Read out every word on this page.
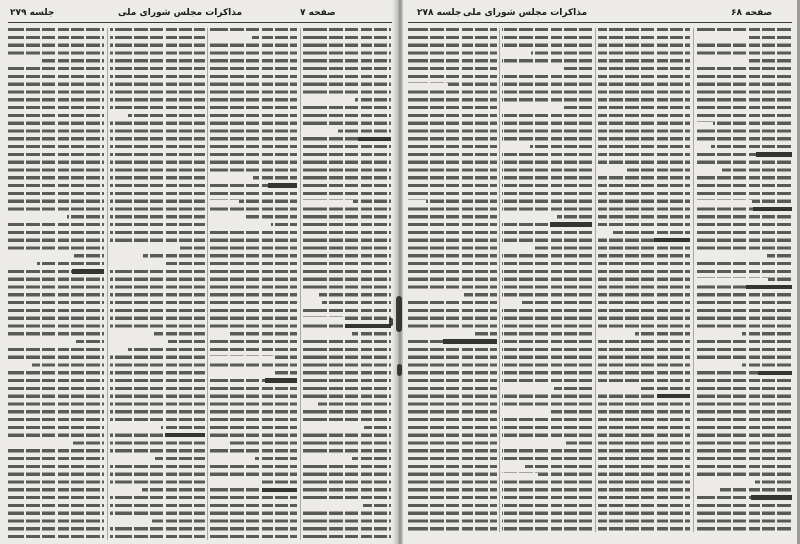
جلسه ۲۷۹	مذاکرات مجلس شورای ملی	صفحه ۷	جلسه ۲۷۸ مذاکرات مجلس شورای ملی	صفحه ۶۸
